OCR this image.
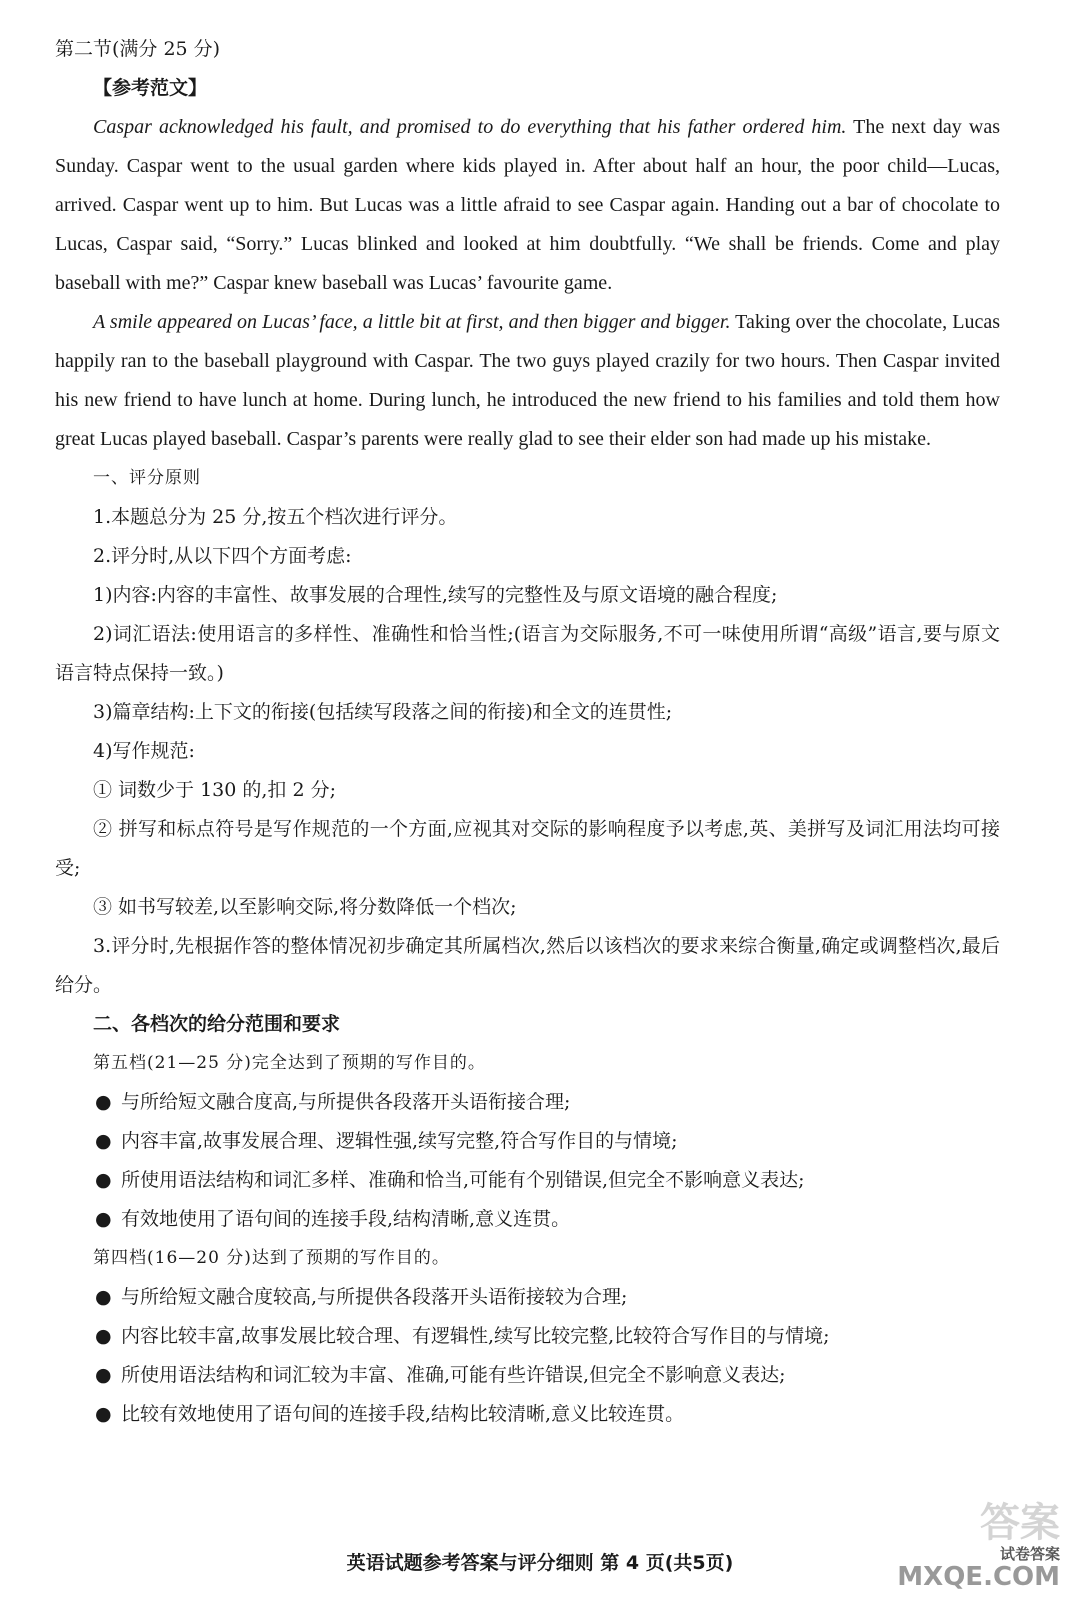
第二节(满分 25 分)

【参考范文】

Caspar acknowledged his fault, and promised to do everything that his father ordered him. The next day was Sunday. Caspar went to the usual garden where kids played in. After about half an hour, the poor child—Lucas, arrived. Caspar went up to him. But Lucas was a little afraid to see Caspar again. Handing out a bar of chocolate to Lucas, Caspar said, “Sorry.” Lucas blinked and looked at him doubtfully. “We shall be friends. Come and play baseball with me?” Caspar knew baseball was Lucas’ favourite game.

A smile appeared on Lucas’ face, a little bit at first, and then bigger and bigger. Taking over the chocolate, Lucas happily ran to the baseball playground with Caspar. The two guys played crazily for two hours. Then Caspar invited his new friend to have lunch at home. During lunch, he introduced the new friend to his families and told them how great Lucas played baseball. Caspar’s parents were really glad to see their elder son had made up his mistake.

一、评分原则

1.本题总分为 25 分,按五个档次进行评分。

2.评分时,从以下四个方面考虑:

1)内容:内容的丰富性、故事发展的合理性,续写的完整性及与原文语境的融合程度;

2)词汇语法:使用语言的多样性、准确性和恰当性;(语言为交际服务,不可一味使用所谓“高级”语言,要与原文语言特点保持一致。)

3)篇章结构:上下文的衔接(包括续写段落之间的衔接)和全文的连贯性;

4)写作规范:

① 词数少于 130 的,扣 2 分;

② 拼写和标点符号是写作规范的一个方面,应视其对交际的影响程度予以考虑,英、美拼写及词汇用法均可接受;

③ 如书写较差,以至影响交际,将分数降低一个档次;

3.评分时,先根据作答的整体情况初步确定其所属档次,然后以该档次的要求来综合衡量,确定或调整档次,最后给分。

二、各档次的给分范围和要求

第五档(21—25 分)完全达到了预期的写作目的。

● 与所给短文融合度高,与所提供各段落开头语衔接合理;
● 内容丰富,故事发展合理、逻辑性强,续写完整,符合写作目的与情境;
● 所使用语法结构和词汇多样、准确和恰当,可能有个别错误,但完全不影响意义表达;
● 有效地使用了语句间的连接手段,结构清晰,意义连贯。

第四档(16—20 分)达到了预期的写作目的。

● 与所给短文融合度较高,与所提供各段落开头语衔接较为合理;
● 内容比较丰富,故事发展比较合理、有逻辑性,续写比较完整,比较符合写作目的与情境;
● 所使用语法结构和词汇较为丰富、准确,可能有些许错误,但完全不影响意义表达;
● 比较有效地使用了语句间的连接手段,结构比较清晰,意义比较连贯。
英语试题参考答案与评分细则 第 4 页(共5页)
答案
试卷答案
MXQE.COM
